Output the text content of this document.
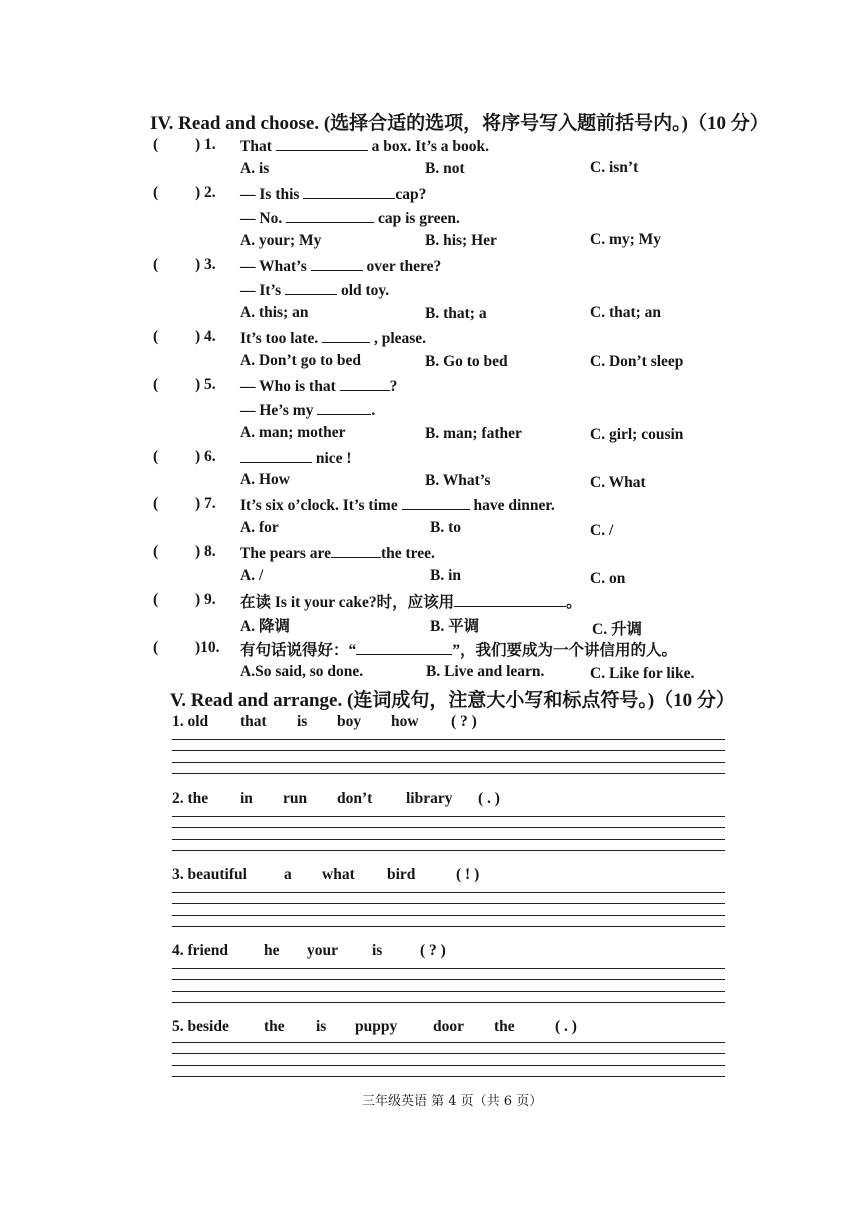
IV. Read and choose. (选择合适的选项，将序号写入题前括号内。)（10 分）
( ) 1. That	a box. It’s a book.
A. is	B. not	C. isn’t
( ) 2. — Is this	cap?
— No.	cap is green.
A. your; My	B. his; Her	C. my; My
( ) 3. — What’s	over there?
— It’s	old toy.
A. this; an	B. that; a	C. that; an
( ) 4. It’s too late.	, please.
A. Don’t go to bed	B. Go to bed	C. Don’t sleep
( ) 5. — Who is that	?
— He’s my	.
A. man; mother	B. man; father	C. girl; cousin
( ) 6.	nice !
A. How	B. What’s	C. What
( ) 7. It’s six o’clock. It’s time	have dinner.
A. for	B. to	C. /
( ) 8. The pears are	the tree.
A. /	B. in	C. on
( ) 9. 在读 Is it your cake?时，应该用	。
A. 降调	B. 平调	C. 升调
( )10. 有句话说得好：“	”，我们要成为一个讲信用的人。
A.So said, so done.	B. Live and learn.	C. Like for like.
V. Read and arrange. (连词成句，注意大小写和标点符号。)（10 分）
1. old that is boy how ( ? )
2. the in run don’t library ( . )
3. beautiful a what bird	( ! )
4. friend he your is ( ? )
5. beside the is puppy door the	( . )
三年级英语 第 4 页（共 6 页）
